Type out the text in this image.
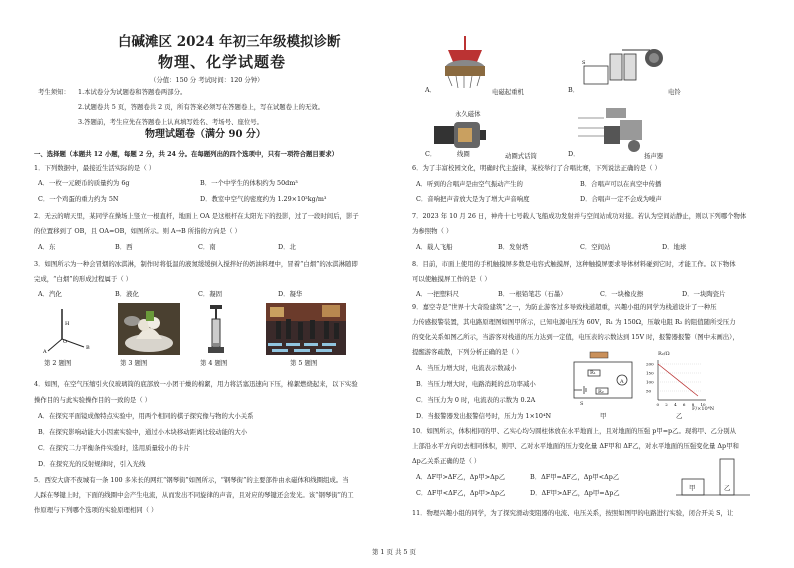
白碱滩区 2024 年初三年级模拟诊断
物理、化学试题卷
（分值：150 分 考试时间：120 分钟）
考生须知： 1.本试卷分为试题卷和答题卷两部分。
2.试题卷共 5 页，答题卷共 2 页，所有答案必须写在答题卷上，写在试题卷上的无效。
3.答题前，考生应先在答题卷上认真填写姓名、考场号、座位号。
物理试题卷（满分 90 分）
一、选择题（本题共 12 小题，每题 2 分，共 24 分。在每题列出的四个选项中，只有一项符合题目要求）
1．下列数据中，最接近生活实际的是（ ）
A．一枚一元硬币的质量约为 6g	B．一个中学生的体积约为 50dm³
C．一个鸡蛋的重力约为 5N	D．教室中空气的密度约为 1.29×10³kg/m³
2．无云的晴天里，某同学在操场上竖立一根直杆，地面上 OA 是这根杆在太阳光下的投影，过了一段时间后，影子
的位置移到了 OB，且 OA=OB，如图所示。则 A→B 所指的方向是（ ）
A．东	B．西	C．南	D．北
3．如图所示为一种会冒烟的冰淇淋，制作时将低温的液氮缓缓倒入搅拌好的奶油料理中，冒着“白烟”的冰淇淋随即
完成，“白烟”的形成过程属于（ ）
A．汽化	B．液化	C．凝固	D．凝华
H
O
A
B
第 2 题图	第 3 题图	第 4 题图	第 5 题图
4．如图，在空气压缩引火仪玻璃筒的底部放一小团干燥的棉絮，用力将活塞迅速向下压，棉絮燃烧起来，以下实验
操作目的与此实验操作目的一致的是（ ）
A．在探究平面镜成像特点实验中，用两个相同的棋子探究像与物的大小关系
B．在探究影响动能大小因素实验中，通过小木块移动距离比较动能的大小
C．在探究二力平衡条件实验时，选用质量较小的卡片
D．在探究光的反射规律时，引入光线
5．西安大唐不夜城有一条 100 多米长的网红“钢琴街”如图所示，“钢琴街”的主要部件由永磁体和线圈组成。当
人踩在琴键上时，下面的线圈中会产生电流，从而发出不同旋律的声音，且对应的琴键还会发光。该“钢琴街”的工
作原理与下列哪个选项的实验原理相同（ ）
A．	电磁起重机	B．
S
电铃
永久磁体
线圈
C．	动圈式话筒	D．	扬声器
6．为了丰富校园文化，明确时代主旋律，某校举行了合唱比赛，下列说法正确的是（ ）
A．听到的合唱声是由空气振动产生的	B．合唱声可以在真空中传播
C．音响把声音放大是为了增大声音响度	D．合唱声一定不会成为噪声
7．2023 年 10 月 26 日，神舟十七号载人飞船成功发射并与空间站成功对接。若认为空间站静止，则以下列哪个物体
为参照物（ ）
A．载人飞船	B．发射塔	C．空间站	D．地球
8．目前，市面上使用的手机触摸屏多数是电容式触摸屏，这种触摸屏要求导体材料碰到它时，才能工作。以下物体
可以使触摸屏工作的是（ ）
A．一把塑料尺	B．一根铅笔芯（石墨）	C．一块橡皮擦	D．一块陶瓷片
9．嘉空寺是“世界十大奇险建筑”之一，为防止游客过多导致栈道超重，兴趣小组的同学为栈道设计了一种压
力传感报警装置，其电路原理图如图甲所示，已知电源电压为 60V，R₁ 为 150Ω，压敏电阻 R₂ 的阻值随所受压力
的变化关系如图乙所示，当游客对栈道的压力达到一定值，电压表的示数达到 15V 时，报警器报警（图中未画出），
提醒游客疏散，下列分析正确的是（ ）
A．当压力增大时，电流表示数减小
B．当压力增大时，电路消耗的总功率减小
C．当压力为 0 时，电流表的示数为 0.2A
D．当报警器发出报警信号时，压力为 1×10⁴N
R₁
R₂
A
S
甲
0 2 4 6 8 10
200
150
100
50
R₂/Ω
F/×10⁴N
乙
10．如图所示，体积相同的甲、乙实心均匀圆柱体放在水平地面上，且对地面的压强 p甲=p乙。现将甲、乙分别从
上部沿水平方向切去相同体积，则甲、乙对水平地面的压力变化量 ΔF甲和 ΔF乙，对水平地面的压强变化量 Δp甲和
Δp乙关系正确的是（ ）
A．ΔF甲>ΔF乙，Δp甲>Δp乙	B．ΔF甲=ΔF乙，Δp甲<Δp乙
C．ΔF甲<ΔF乙，Δp甲>Δp乙	D．ΔF甲>ΔF乙，Δp甲=Δp乙
甲	乙
11．物理兴趣小组的同学，为了探究滑动变阻器的电流、电压关系，按照如图甲的电路进行实验，闭合开关 S，让
第 1 页 共 5 页
